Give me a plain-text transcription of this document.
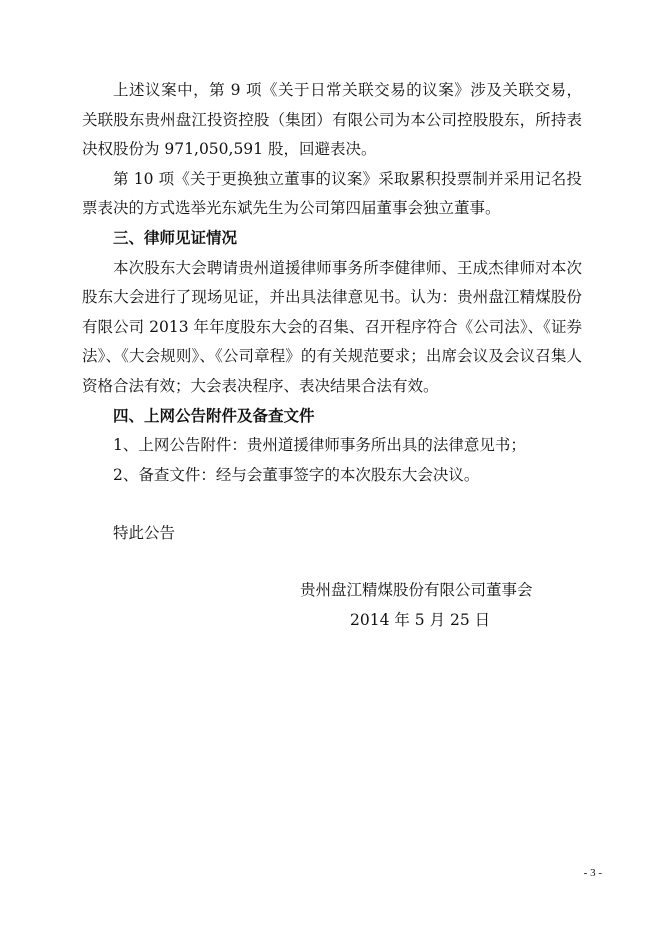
上述议案中，第 9 项《关于日常关联交易的议案》涉及关联交易，关联股东贵州盘江投资控股（集团）有限公司为本公司控股股东，所持表决权股份为 971,050,591 股，回避表决。

第 10 项《关于更换独立董事的议案》采取累积投票制并采用记名投票表决的方式选举光东斌先生为公司第四届董事会独立董事。

三、律师见证情况

本次股东大会聘请贵州道援律师事务所李健律师、王成杰律师对本次股东大会进行了现场见证，并出具法律意见书。认为：贵州盘江精煤股份有限公司 2013 年年度股东大会的召集、召开程序符合《公司法》、《证券法》、《大会规则》、《公司章程》的有关规范要求；出席会议及会议召集人资格合法有效；大会表决程序、表决结果合法有效。

四、上网公告附件及备查文件

1、上网公告附件：贵州道援律师事务所出具的法律意见书；

2、备查文件：经与会董事签字的本次股东大会决议。

特此公告

贵州盘江精煤股份有限公司董事会

2014 年 5 月 25 日

- 3 -
